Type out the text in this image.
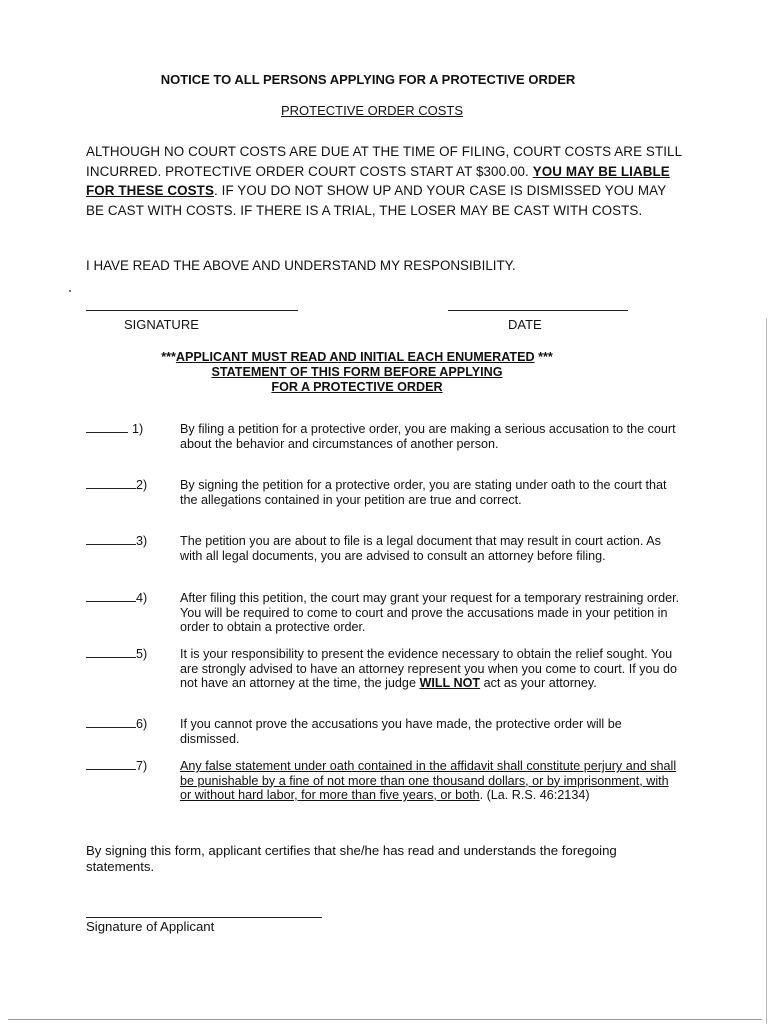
NOTICE TO ALL PERSONS APPLYING FOR A PROTECTIVE ORDER
PROTECTIVE ORDER COSTS
ALTHOUGH NO COURT COSTS ARE DUE AT THE TIME OF FILING, COURT COSTS ARE STILL INCURRED. PROTECTIVE ORDER COURT COSTS START AT $300.00. YOU MAY BE LIABLE FOR THESE COSTS. IF YOU DO NOT SHOW UP AND YOUR CASE IS DISMISSED YOU MAY BE CAST WITH COSTS. IF THERE IS A TRIAL, THE LOSER MAY BE CAST WITH COSTS.
I HAVE READ THE ABOVE AND UNDERSTAND MY RESPONSIBILITY.
SIGNATURE	DATE
***APPLICANT MUST READ AND INITIAL EACH ENUMERATED ***
STATEMENT OF THIS FORM BEFORE APPLYING
FOR A PROTECTIVE ORDER
1)	By filing a petition for a protective order, you are making a serious accusation to the court about the behavior and circumstances of another person.
2)	By signing the petition for a protective order, you are stating under oath to the court that the allegations contained in your petition are true and correct.
3)	The petition you are about to file is a legal document that may result in court action. As with all legal documents, you are advised to consult an attorney before filing.
4)	After filing this petition, the court may grant your request for a temporary restraining order. You will be required to come to court and prove the accusations made in your petition in order to obtain a protective order.
5)	It is your responsibility to present the evidence necessary to obtain the relief sought. You are strongly advised to have an attorney represent you when you come to court. If you do not have an attorney at the time, the judge WILL NOT act as your attorney.
6)	If you cannot prove the accusations you have made, the protective order will be dismissed.
7)	Any false statement under oath contained in the affidavit shall constitute perjury and shall be punishable by a fine of not more than one thousand dollars, or by imprisonment, with or without hard labor, for more than five years, or both. (La. R.S. 46:2134)
By signing this form, applicant certifies that she/he has read and understands the foregoing statements.
Signature of Applicant
